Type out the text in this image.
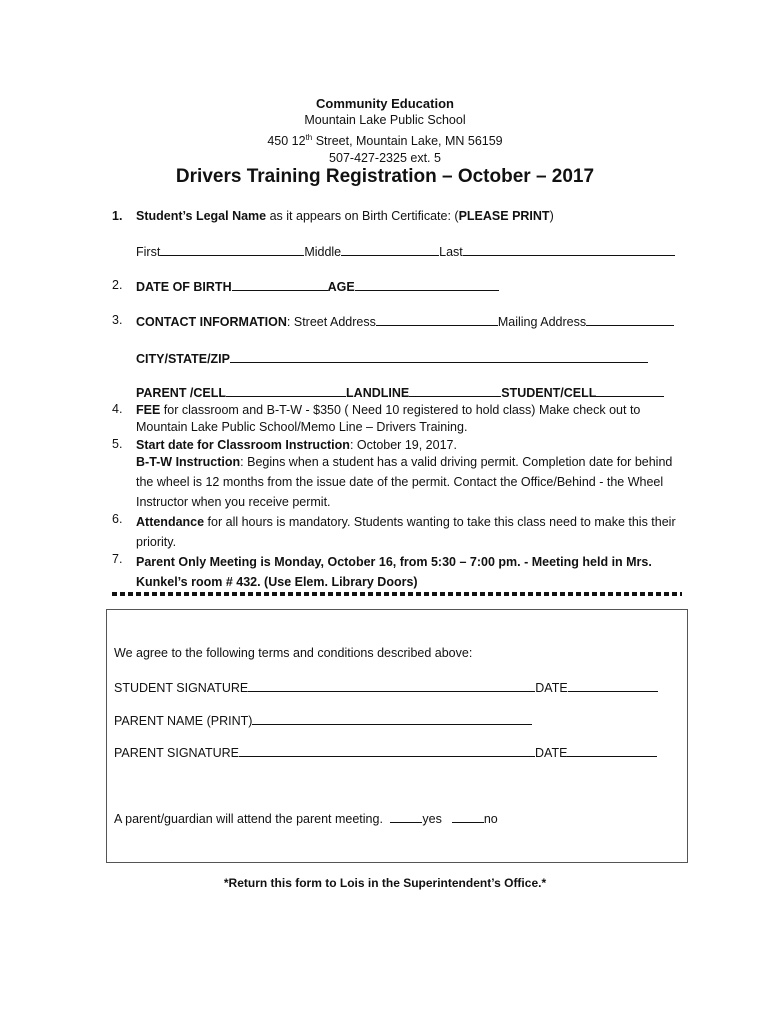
Community Education
Mountain Lake Public School
450 12th Street, Mountain Lake, MN 56159
507-427-2325 ext. 5
Drivers Training Registration – October – 2017
1. Student’s Legal Name as it appears on Birth Certificate: (PLEASE PRINT)
First	Middle	Last
2. DATE OF BIRTH	AGE
3. CONTACT INFORMATION: Street Address	Mailing Address
CITY/STATE/ZIP
PARENT /CELL	LANDLINE	STUDENT/CELL
4. FEE for classroom and B-T-W - $350 ( Need 10 registered to hold class) Make check out to Mountain Lake Public School/Memo Line – Drivers Training.
5. Start date for Classroom Instruction: October 19, 2017.
B-T-W Instruction: Begins when a student has a valid driving permit. Completion date for behind the wheel is 12 months from the issue date of the permit. Contact the Office/Behind - the Wheel Instructor when you receive permit.
6. Attendance for all hours is mandatory. Students wanting to take this class need to make this their priority.
7. Parent Only Meeting is Monday, October 16, from 5:30 – 7:00 pm. - Meeting held in Mrs. Kunkel’s room # 432. (Use Elem. Library Doors)
We agree to the following terms and conditions described above:
STUDENT SIGNATURE	DATE
PARENT NAME (PRINT)
PARENT SIGNATURE	DATE
A parent/guardian will attend the parent meeting.	yes	no
*Return this form to Lois in the Superintendent’s Office.*
